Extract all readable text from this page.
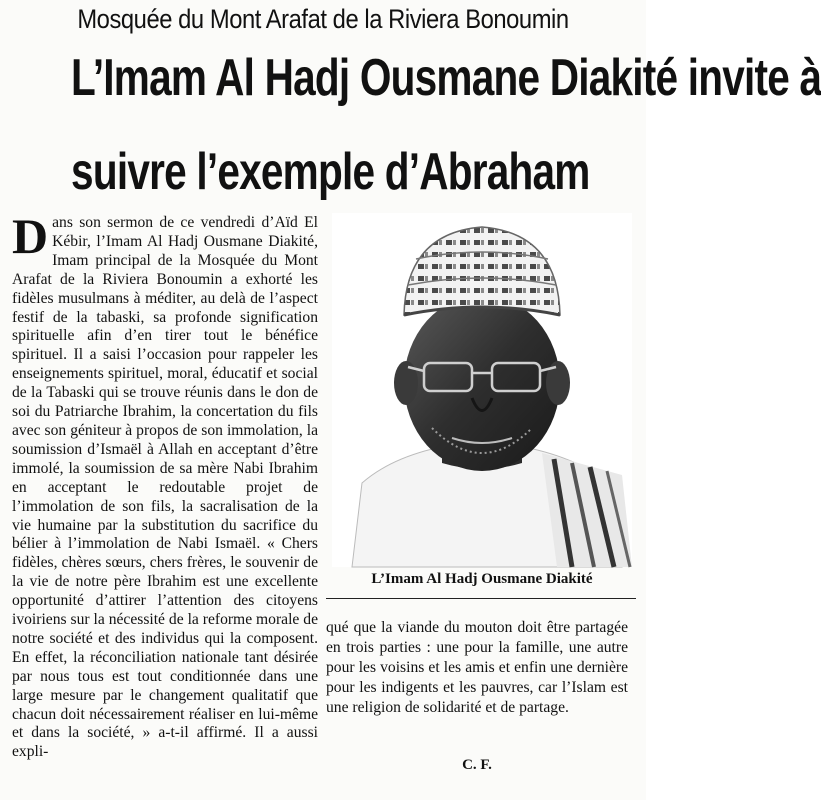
Mosquée du Mont Arafat de la Riviera Bonoumin
L’Imam Al Hadj Ousmane Diakité invite à
suivre l’exemple d’Abraham
Dans son sermon de ce vendredi d’Aïd El Kébir, l’Imam Al Hadj Ousmane Diakité, Imam principal de la Mosquée du Mont Arafat de la Riviera Bonoumin a exhorté les fidèles musulmans à méditer, au delà de l’aspect festif de la tabaski, sa profonde signification spirituelle afin d’en tirer tout le bénéfice spirituel. Il a saisi l’occasion pour rappeler les enseignements spirituel, moral, éducatif et social de la Tabaski qui se trouve réunis dans le don de soi du Patriarche Ibrahim, la concertation du fils avec son géniteur à propos de son immolation, la soumission d’Ismaël à Allah en acceptant d’être immolé, la soumission de sa mère Nabi Ibrahim en acceptant le redoutable projet de l’immolation de son fils, la sacralisation de la vie humaine par la substitution du sacrifice du bélier à l’immolation de Nabi Ismaël. « Chers fidèles, chères sœurs, chers frères, le souvenir de la vie de notre père Ibrahim est une excellente opportunité d’attirer l’attention des citoyens ivoiriens sur la nécessité de la reforme morale de notre société et des individus qui la composent. En effet, la réconciliation nationale tant désirée par nous tous est tout conditionnée dans une large mesure par le changement qualitatif que chacun doit nécessairement réaliser en lui-même et dans la société, » a-t-il affirmé. Il a aussi expli-
L’Imam Al Hadj Ousmane Diakité
qué que la viande du mouton doit être partagée en trois parties : une pour la famille, une autre pour les voisins et les amis et enfin une dernière pour les indigents et les pauvres, car l’Islam est une religion de solidarité et de partage.
C. F.
